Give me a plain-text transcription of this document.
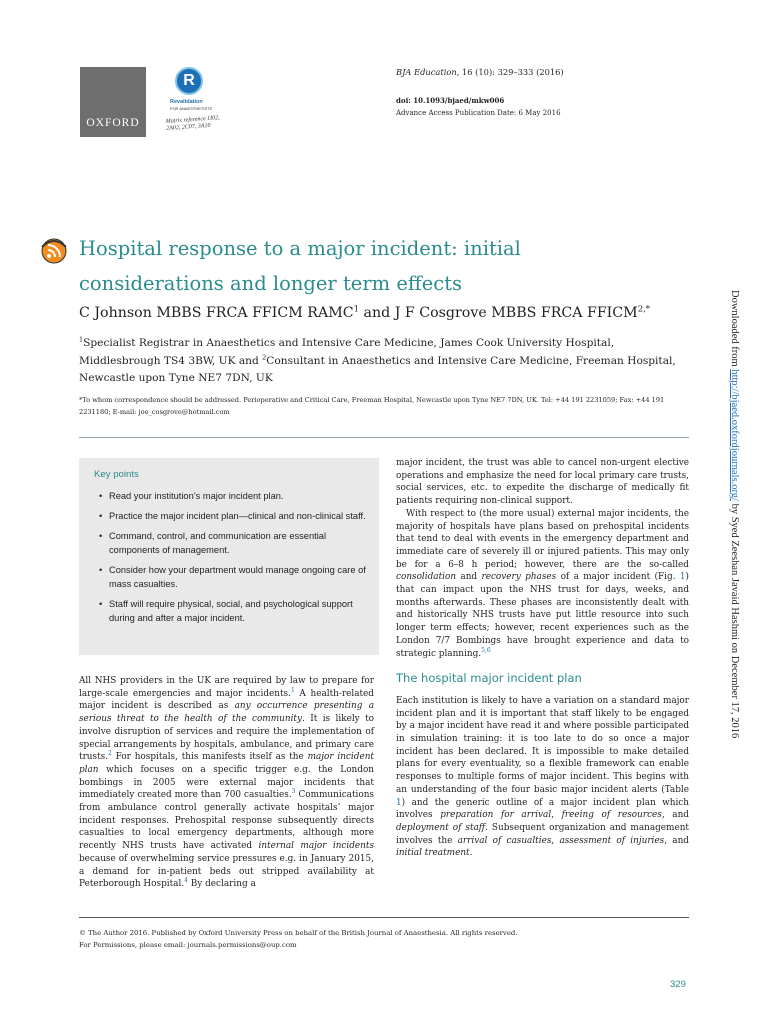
OXFORD
R
Revalidation
FOR ANAESTHETISTS
Matrix reference 1I02,
2A02, 2C07, 3A10
BJA Education, 16 (10): 329–333 (2016)
doi: 10.1093/bjaed/mkw006
Advance Access Publication Date: 6 May 2016
Hospital response to a major incident: initial considerations and longer term effects
C Johnson MBBS FRCA FFICM RAMC$^1$ and J F Cosgrove MBBS FRCA $FFICM^{2,*}$
$^1$Specialist Registrar in Anaesthetics and Intensive Care Medicine, James Cook University Hospital, Middlesbrough TS4 3BW, UK and $^2$Consultant in Anaesthetics and Intensive Care Medicine, Freeman Hospital, Newcastle upon Tyne NE7 7DN, UK
*To whom correspondence should be addressed. Perioperative and Critical Care, Freeman Hospital, Newcastle upon Tyne NE7 7DN, UK. Tel: +44 191 2231059; Fax: +44 191 2231180; E-mail: joe_cosgrove@hotmail.com
Key points
• Read your institution’s major incident plan.
• Practice the major incident plan—clinical and non-clinical staff.
• Command, control, and communication are essential components of management.
• Consider how your department would manage ongoing care of mass casualties.
• Staff will require physical, social, and psychological support during and after a major incident.

All NHS providers in the UK are required by law to prepare for large-scale emergencies and major incidents.$^1$ A health-related major incident is described as any occurrence presenting a serious threat to the health of the community. It is likely to involve disruption of services and require the implementation of special arrangements by hospitals, ambulance, and primary care trusts.$^2$ For hospitals, this manifests itself as the major incident plan which focuses on a specific trigger e.g. the London bombings in 2005 were external major incidents that immediately created more than 700 casualties.$^3$ Communications from ambulance control generally activate hospitals’ major incident responses. Prehospital response subsequently directs casualties to local emergency departments, although more recently NHS trusts have activated internal major incidents because of overwhelming service pressures e.g. in January 2015, a demand for in-patient beds out stripped availability at Peterborough Hospital.$^4$ By declaring a

major incident, the trust was able to cancel non-urgent elective operations and emphasize the need for local primary care trusts, social services, etc. to expedite the discharge of medically fit patients requiring non-clinical support.

With respect to (the more usual) external major incidents, the majority of hospitals have plans based on prehospital incidents that tend to deal with events in the emergency department and immediate care of severely ill or injured patients. This may only be for a 6–8 h period; however, there are the so-called consolidation and recovery phases of a major incident (Fig. 1) that can impact upon the NHS trust for days, weeks, and months afterwards. These phases are inconsistently dealt with and historically NHS trusts have put little resource into such longer term effects; however, recent experiences such as the London 7/7 Bombings have brought experience and data to strategic planning.$^{5,6}$

The hospital major incident plan

Each institution is likely to have a variation on a standard major incident plan and it is important that staff likely to be engaged by a major incident have read it and where possible participated in simulation training: it is too late to do so once a major incident has been declared. It is impossible to make detailed plans for every eventuality, so a flexible framework can enable responses to multiple forms of major incident. This begins with an understanding of the four basic major incident alerts (Table 1) and the generic outline of a major incident plan which involves preparation for arrival, freeing of resources, and deployment of staff. Subsequent organization and management involves the arrival of casualties, assessment of injuries, and initial treatment.

Downloaded from http://bjaed.oxfordjournals.org/ by Syed Zeeshan Javaid Hashmi on December 17, 2016
© The Author 2016. Published by Oxford University Press on behalf of the British Journal of Anaesthesia. All rights reserved.
For Permissions, please email: journals.permissions@oup.com
329
